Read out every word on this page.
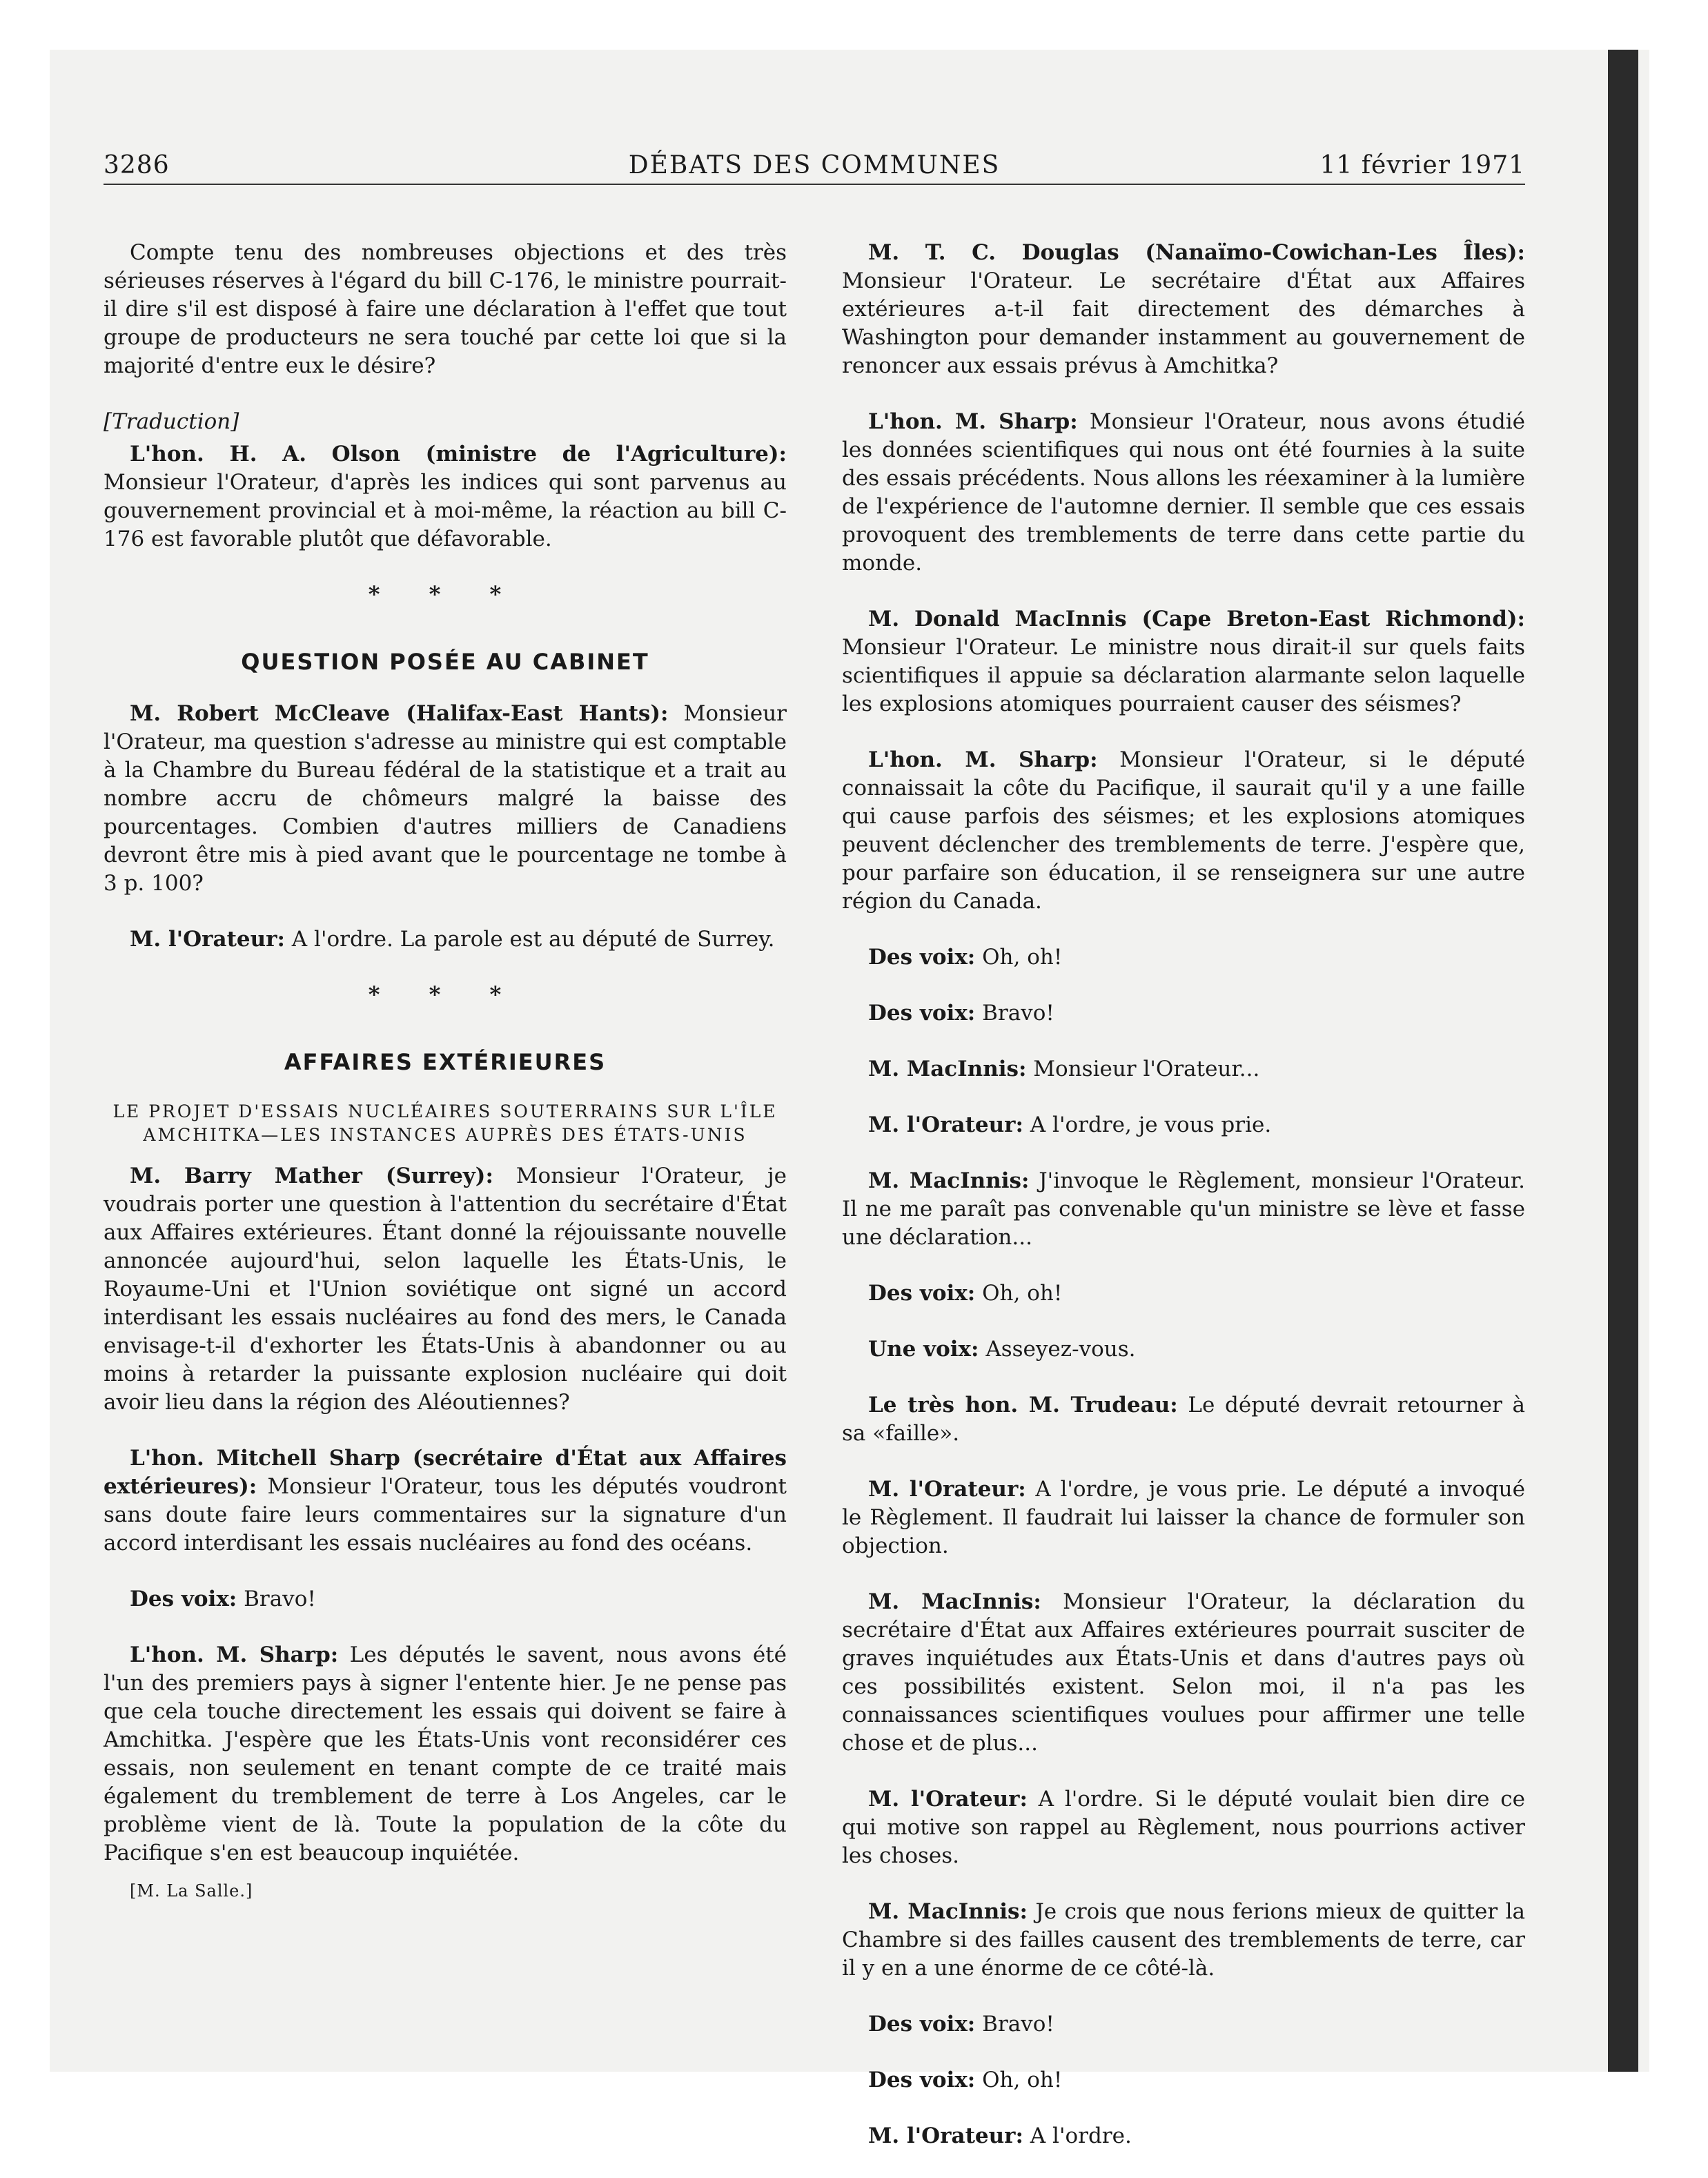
3286	DÉBATS DES COMMUNES	11 février 1971

Compte tenu des nombreuses objections et des très sérieuses réserves à l'égard du bill C-176, le ministre pourrait-il dire s'il est disposé à faire une déclaration à l'effet que tout groupe de producteurs ne sera touché par cette loi que si la majorité d'entre eux le désire?

[Traduction]

L'hon. H. A. Olson (ministre de l'Agriculture): Monsieur l'Orateur, d'après les indices qui sont parvenus au gouvernement provincial et à moi-même, la réaction au bill C-176 est favorable plutôt que défavorable.

* * *
QUESTION POSÉE AU CABINET

M. Robert McCleave (Halifax-East Hants): Monsieur l'Orateur, ma question s'adresse au ministre qui est comptable à la Chambre du Bureau fédéral de la statistique et a trait au nombre accru de chômeurs malgré la baisse des pourcentages. Combien d'autres milliers de Canadiens devront être mis à pied avant que le pourcentage ne tombe à 3 p. 100?

M. l'Orateur: A l'ordre. La parole est au député de Surrey.

* * *
AFFAIRES EXTÉRIEURES
LE PROJET D'ESSAIS NUCLÉAIRES SOUTERRAINS SUR L'ÎLE AMCHITKA—LES INSTANCES AUPRÈS DES ÉTATS-UNIS

M. Barry Mather (Surrey): Monsieur l'Orateur, je voudrais porter une question à l'attention du secrétaire d'État aux Affaires extérieures. Étant donné la réjouissante nouvelle annoncée aujourd'hui, selon laquelle les États-Unis, le Royaume-Uni et l'Union soviétique ont signé un accord interdisant les essais nucléaires au fond des mers, le Canada envisage-t-il d'exhorter les États-Unis à abandonner ou au moins à retarder la puissante explosion nucléaire qui doit avoir lieu dans la région des Aléoutiennes?

L'hon. Mitchell Sharp (secrétaire d'État aux Affaires extérieures): Monsieur l'Orateur, tous les députés voudront sans doute faire leurs commentaires sur la signature d'un accord interdisant les essais nucléaires au fond des océans.

Des voix: Bravo!

L'hon. M. Sharp: Les députés le savent, nous avons été l'un des premiers pays à signer l'entente hier. Je ne pense pas que cela touche directement les essais qui doivent se faire à Amchitka. J'espère que les États-Unis vont reconsidérer ces essais, non seulement en tenant compte de ce traité mais également du tremblement de terre à Los Angeles, car le problème vient de là. Toute la population de la côte du Pacifique s'en est beaucoup inquiétée.

[M. La Salle.]

M. T. C. Douglas (Nanaïmo-Cowichan-Les Îles): Monsieur l'Orateur. Le secrétaire d'État aux Affaires extérieures a-t-il fait directement des démarches à Washington pour demander instamment au gouvernement de renoncer aux essais prévus à Amchitka?

L'hon. M. Sharp: Monsieur l'Orateur, nous avons étudié les données scientifiques qui nous ont été fournies à la suite des essais précédents. Nous allons les réexaminer à la lumière de l'expérience de l'automne dernier. Il semble que ces essais provoquent des tremblements de terre dans cette partie du monde.

M. Donald MacInnis (Cape Breton-East Richmond): Monsieur l'Orateur. Le ministre nous dirait-il sur quels faits scientifiques il appuie sa déclaration alarmante selon laquelle les explosions atomiques pourraient causer des séismes?

L'hon. M. Sharp: Monsieur l'Orateur, si le député connaissait la côte du Pacifique, il saurait qu'il y a une faille qui cause parfois des séismes; et les explosions atomiques peuvent déclencher des tremblements de terre. J'espère que, pour parfaire son éducation, il se renseignera sur une autre région du Canada.

Des voix: Oh, oh!

Des voix: Bravo!

M. MacInnis: Monsieur l'Orateur...

M. l'Orateur: A l'ordre, je vous prie.

M. MacInnis: J'invoque le Règlement, monsieur l'Orateur. Il ne me paraît pas convenable qu'un ministre se lève et fasse une déclaration...

Des voix: Oh, oh!

Une voix: Asseyez-vous.

Le très hon. M. Trudeau: Le député devrait retourner à sa «faille».

M. l'Orateur: A l'ordre, je vous prie. Le député a invoqué le Règlement. Il faudrait lui laisser la chance de formuler son objection.

M. MacInnis: Monsieur l'Orateur, la déclaration du secrétaire d'État aux Affaires extérieures pourrait susciter de graves inquiétudes aux États-Unis et dans d'autres pays où ces possibilités existent. Selon moi, il n'a pas les connaissances scientifiques voulues pour affirmer une telle chose et de plus...

M. l'Orateur: A l'ordre. Si le député voulait bien dire ce qui motive son rappel au Règlement, nous pourrions activer les choses.

M. MacInnis: Je crois que nous ferions mieux de quitter la Chambre si des failles causent des tremblements de terre, car il y en a une énorme de ce côté-là.

Des voix: Bravo!

Des voix: Oh, oh!

M. l'Orateur: A l'ordre.
